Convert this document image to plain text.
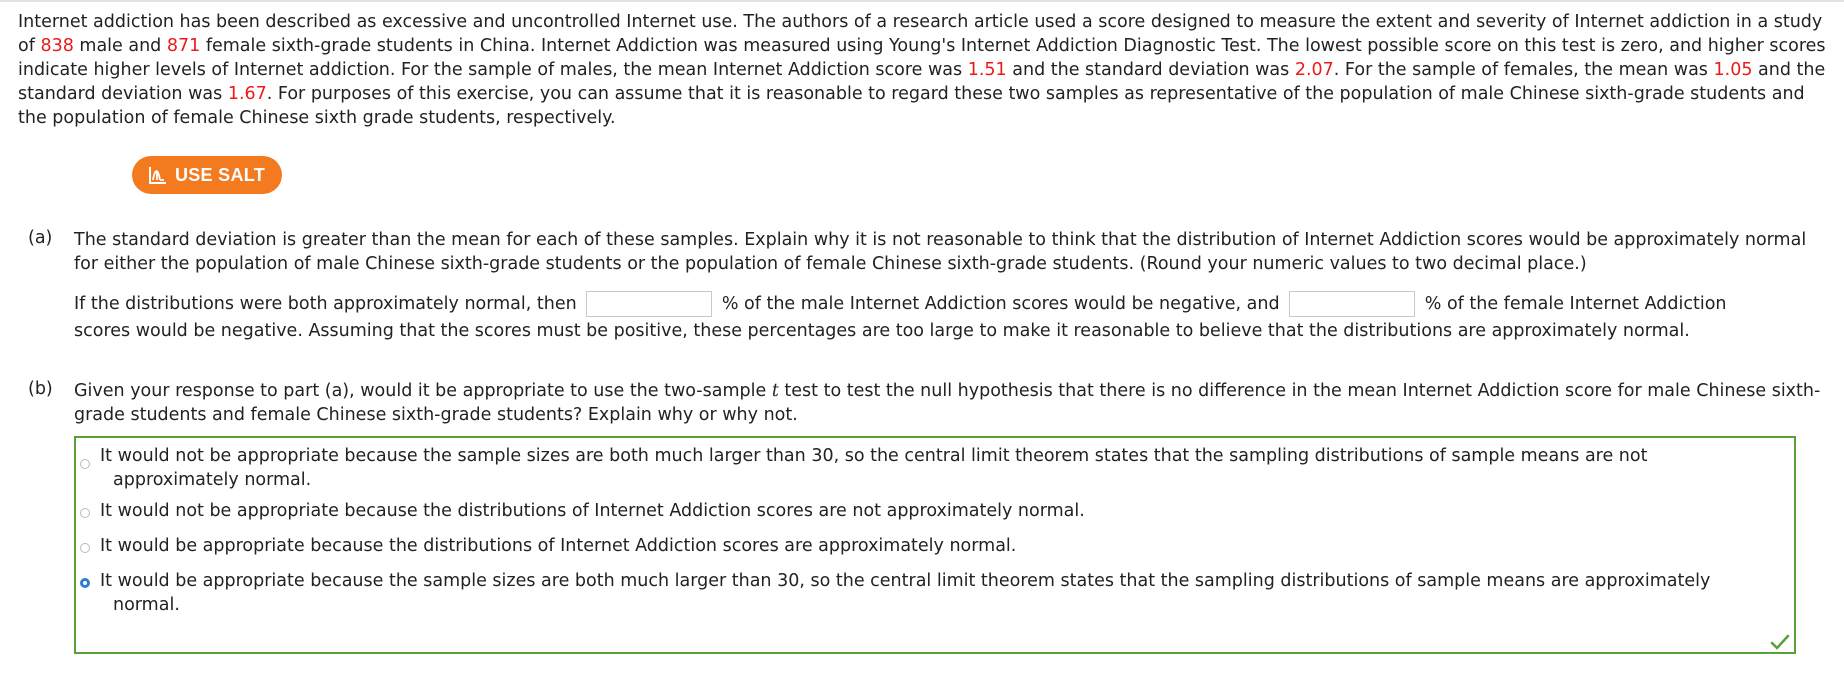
Internet addiction has been described as excessive and uncontrolled Internet use. The authors of a research article used a score designed to measure the extent and severity of Internet addiction in a study of 838 male and 871 female sixth-grade students in China. Internet Addiction was measured using Young's Internet Addiction Diagnostic Test. The lowest possible score on this test is zero, and higher scores indicate higher levels of Internet addiction. For the sample of males, the mean Internet Addiction score was 1.51 and the standard deviation was 2.07. For the sample of females, the mean was 1.05 and the standard deviation was 1.67. For purposes of this exercise, you can assume that it is reasonable to regard these two samples as representative of the population of male Chinese sixth-grade students and the population of female Chinese sixth grade students, respectively.
USE SALT
(a) The standard deviation is greater than the mean for each of these samples. Explain why it is not reasonable to think that the distribution of Internet Addiction scores would be approximately normal for either the population of male Chinese sixth-grade students or the population of female Chinese sixth-grade students. (Round your numeric values to two decimal place.)
If the distributions were both approximately normal, then	% of the male Internet Addiction scores would be negative, and	% of the female Internet Addiction
scores would be negative. Assuming that the scores must be positive, these percentages are too large to make it reasonable to believe that the distributions are approximately normal.
(b) Given your response to part (a), would it be appropriate to use the two-sample t test to test the null hypothesis that there is no difference in the mean Internet Addiction score for male Chinese sixth-grade students and female Chinese sixth-grade students? Explain why or why not.
It would not be appropriate because the sample sizes are both much larger than 30, so the central limit theorem states that the sampling distributions of sample means are not
approximately normal.
It would not be appropriate because the distributions of Internet Addiction scores are not approximately normal.
It would be appropriate because the distributions of Internet Addiction scores are approximately normal.
It would be appropriate because the sample sizes are both much larger than 30, so the central limit theorem states that the sampling distributions of sample means are approximately
normal.
